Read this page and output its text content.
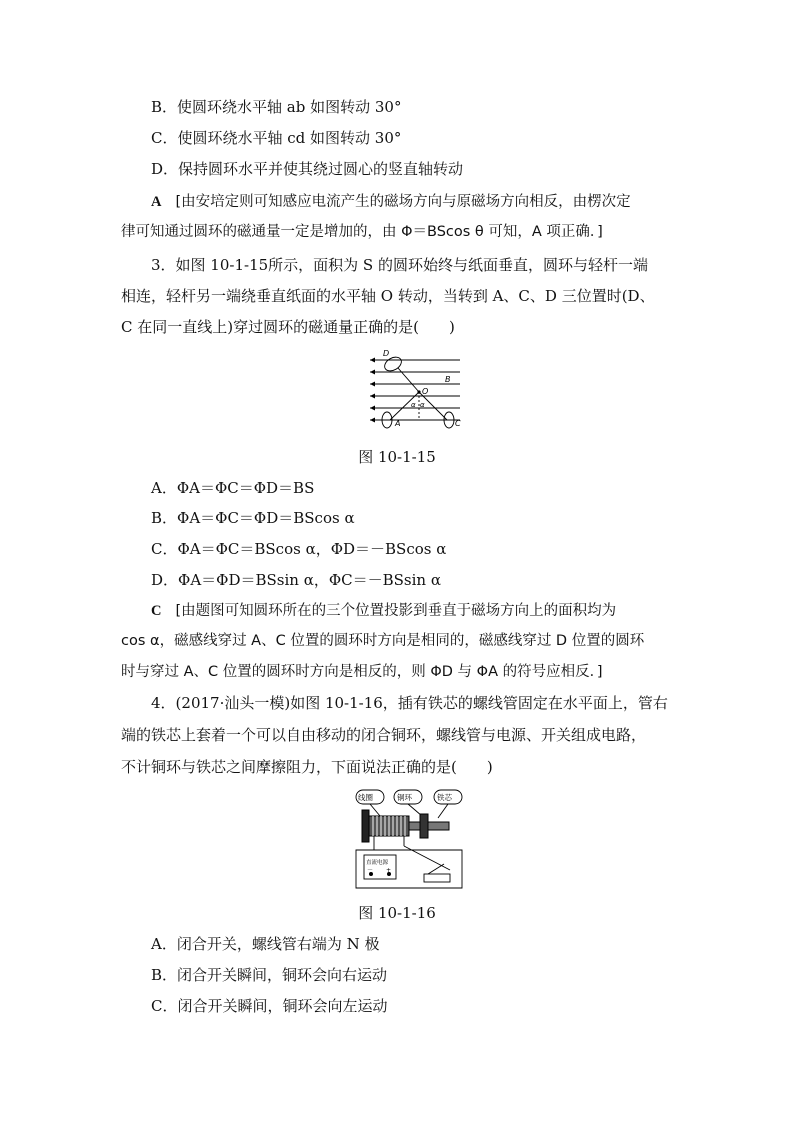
B．使圆环绕水平轴 ab 如图转动 30°
C．使圆环绕水平轴 cd 如图转动 30°
D．保持圆环水平并使其绕过圆心的竖直轴转动
A [由安培定则可知感应电流产生的磁场方向与原磁场方向相反，由楞次定
律可知通过圆环的磁通量一定是增加的，由 Φ＝BScos θ 可知，A 项正确．]
3．如图 10-1-15所示，面积为 S 的圆环始终与纸面垂直，圆环与轻杆一端
相连，轻杆另一端绕垂直纸面的水平轴 O 转动，当转到 A、C、D 三位置时(D、
C 在同一直线上)穿过圆环的磁通量正确的是(　　)
D
B
O
α α
A	C
图 10-1-15
A．ΦA＝ΦC＝ΦD＝BS
B．ΦA＝ΦC＝ΦD＝BScos α
C．ΦA＝ΦC＝BScos α，ΦD＝－BScos α
D．ΦA＝ΦD＝BSsin α，ΦC＝－BSsin α
C [由题图可知圆环所在的三个位置投影到垂直于磁场方向上的面积均为
cos α，磁感线穿过 A、C 位置的圆环时方向是相同的，磁感线穿过 D 位置的圆环
时与穿过 A、C 位置的圆环时方向是相反的，则 ΦD 与 ΦA 的符号应相反．]
4．(2017·汕头一模)如图 10-1-16，插有铁芯的螺线管固定在水平面上，管右
端的铁芯上套着一个可以自由移动的闭合铜环，螺线管与电源、开关组成电路，
不计铜环与铁芯之间摩擦阻力，下面说法正确的是(　　)
线圈	铜环	铁芯
直流电源
－ +
图 10-1-16
A．闭合开关，螺线管右端为 N 极
B．闭合开关瞬间，铜环会向右运动
C．闭合开关瞬间，铜环会向左运动
